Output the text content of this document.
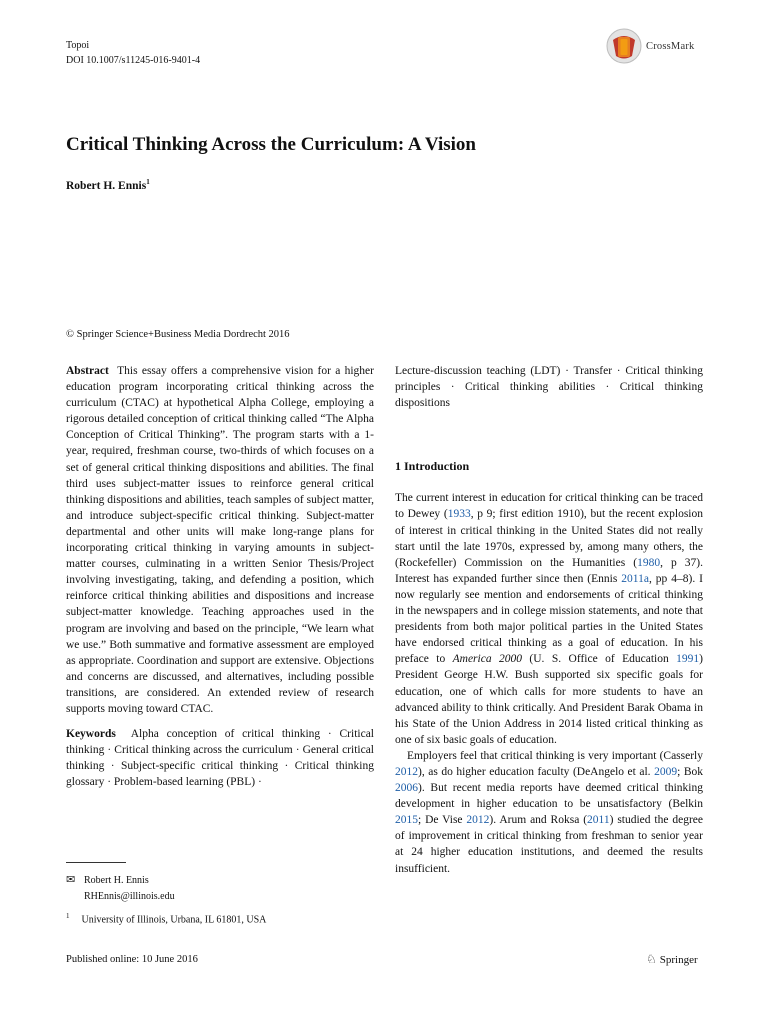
Topoi
DOI 10.1007/s11245-016-9401-4
CrossMark
Critical Thinking Across the Curriculum: A Vision
Robert H. Ennis$^1$
© Springer Science+Business Media Dordrecht 2016

Abstract This essay offers a comprehensive vision for a higher education program incorporating critical thinking across the curriculum (CTAC) at hypothetical Alpha College, employing a rigorous detailed conception of critical thinking called “The Alpha Conception of Critical Thinking”. The program starts with a 1-year, required, freshman course, two-thirds of which focuses on a set of general critical thinking dispositions and abilities. The final third uses subject-matter issues to reinforce general critical thinking dispositions and abilities, teach samples of subject matter, and introduce subject-specific critical thinking. Subject-matter departmental and other units will make long-range plans for incorporating critical thinking in varying amounts in subject-matter courses, culminating in a written Senior Thesis/Project involving investigating, taking, and defending a position, which reinforce critical thinking abilities and dispositions and increase subject-matter knowledge. Teaching approaches used in the program are involving and based on the principle, “We learn what we use.” Both summative and formative assessment are employed as appropriate. Coordination and support are extensive. Objections and concerns are discussed, and alternatives, including possible transitions, are considered. An extended review of research supports moving toward CTAC.

Keywords Alpha conception of critical thinking · Critical thinking · Critical thinking across the curriculum · General critical thinking · Subject-specific critical thinking · Critical thinking glossary · Problem-based learning (PBL) ·

Lecture-discussion teaching (LDT) · Transfer · Critical thinking principles · Critical thinking abilities · Critical thinking dispositions

1 Introduction

The current interest in education for critical thinking can be traced to Dewey (1933, p 9; first edition 1910), but the recent explosion of interest in critical thinking in the United States did not really start until the late 1970s, expressed by, among many others, the (Rockefeller) Commission on the Humanities (1980, p 37). Interest has expanded further since then (Ennis 2011a, pp 4–8). I now regularly see mention and endorsements of critical thinking in the newspapers and in college mission statements, and note that presidents from both major political parties in the United States have endorsed critical thinking as a goal of education. In his preface to America 2000 (U. S. Office of Education 1991) President George H.W. Bush supported six specific goals for education, one of which calls for more students to have an advanced ability to think critically. And President Barak Obama in his State of the Union Address in 2014 listed critical thinking as one of six basic goals of education.

Employers feel that critical thinking is very important (Casserly 2012), as do higher education faculty (DeAngelo et al. 2009; Bok 2006). But recent media reports have deemed critical thinking development in higher education to be unsatisfactory (Belkin 2015; De Vise 2012). Arum and Roksa (2011) studied the degree of improvement in critical thinking from freshman to senior year at 24 higher education institutions, and deemed the results insufficient.

✉ Robert H. Ennis
RHEnnis@illinois.edu
$^1$ University of Illinois, Urbana, IL 61801, USA
Published online: 10 June 2016	♘ Springer
